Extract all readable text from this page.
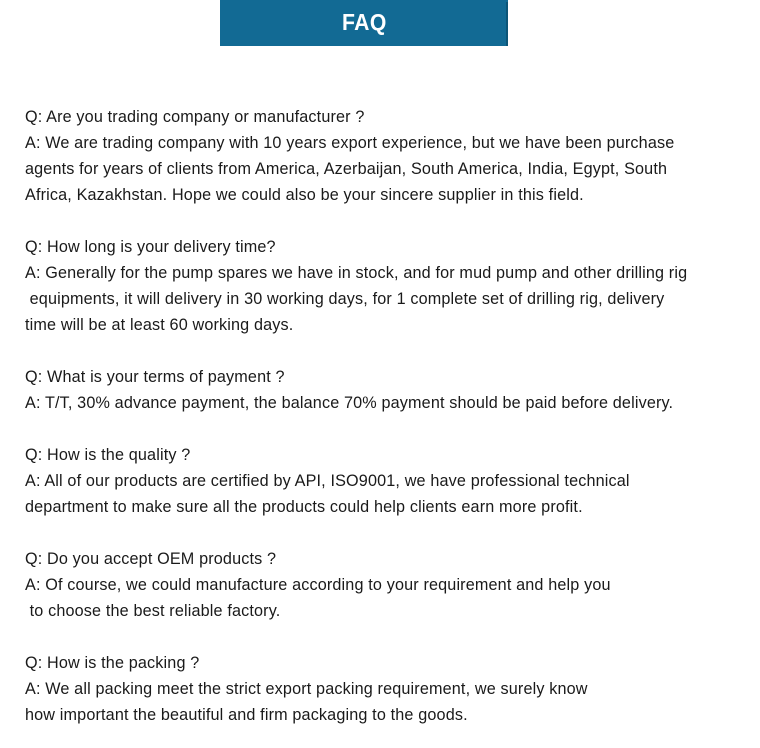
FAQ
Q: Are you trading company or manufacturer ?
A: We are trading company with 10 years export experience, but we have been purchase
agents for years of clients from America, Azerbaijan, South America, India, Egypt, South
Africa, Kazakhstan. Hope we could also be your sincere supplier in this field.
Q: How long is your delivery time?
A: Generally for the pump spares we have in stock, and for mud pump and other drilling rig
equipments, it will delivery in 30 working days, for 1 complete set of drilling rig, delivery
time will be at least 60 working days.
Q: What is your terms of payment ?
A: T/T, 30% advance payment, the balance 70% payment should be paid before delivery.
Q: How is the quality ?
A: All of our products are certified by API, ISO9001, we have professional technical
department to make sure all the products could help clients earn more profit.
Q: Do you accept OEM products ?
A: Of course, we could manufacture according to your requirement and help you
to choose the best reliable factory.
Q: How is the packing ?
A: We all packing meet the strict export packing requirement, we surely know
how important the beautiful and firm packaging to the goods.
